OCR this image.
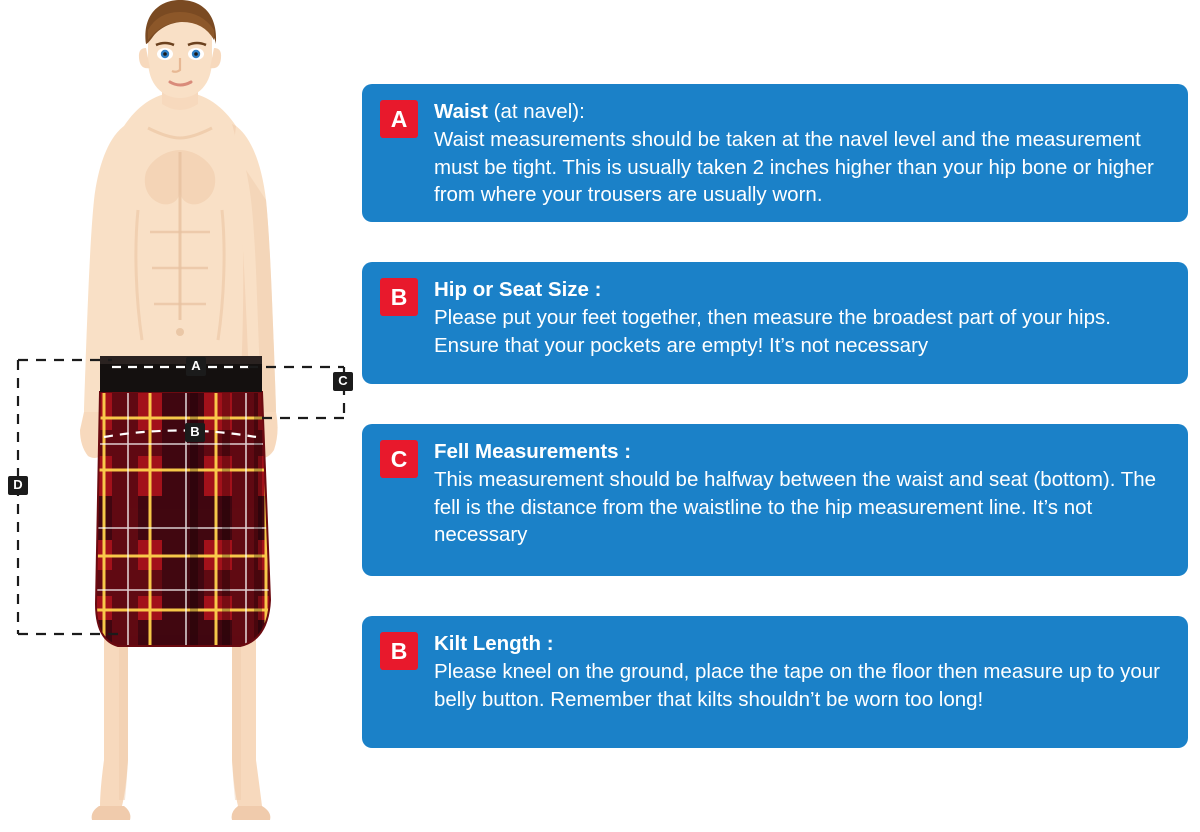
A
B
C
D
A	Waist (at navel):
Waist measurements should be taken at the navel level and the measurement must be tight. This is usually taken 2 inches higher than your hip bone or higher from where your trousers are usually worn.
B	Hip or Seat Size :
Please put your feet together, then measure the broadest part of your hips. Ensure that your pockets are empty! It’s not necessary
C	Fell Measurements :
This measurement should be halfway between the waist and seat (bottom). The fell is the distance from the waistline to the hip measurement line. It’s not necessary
B	Kilt Length :
Please kneel on the ground, place the tape on the floor then measure up to your belly button. Remember that kilts shouldn’t be worn too long!
